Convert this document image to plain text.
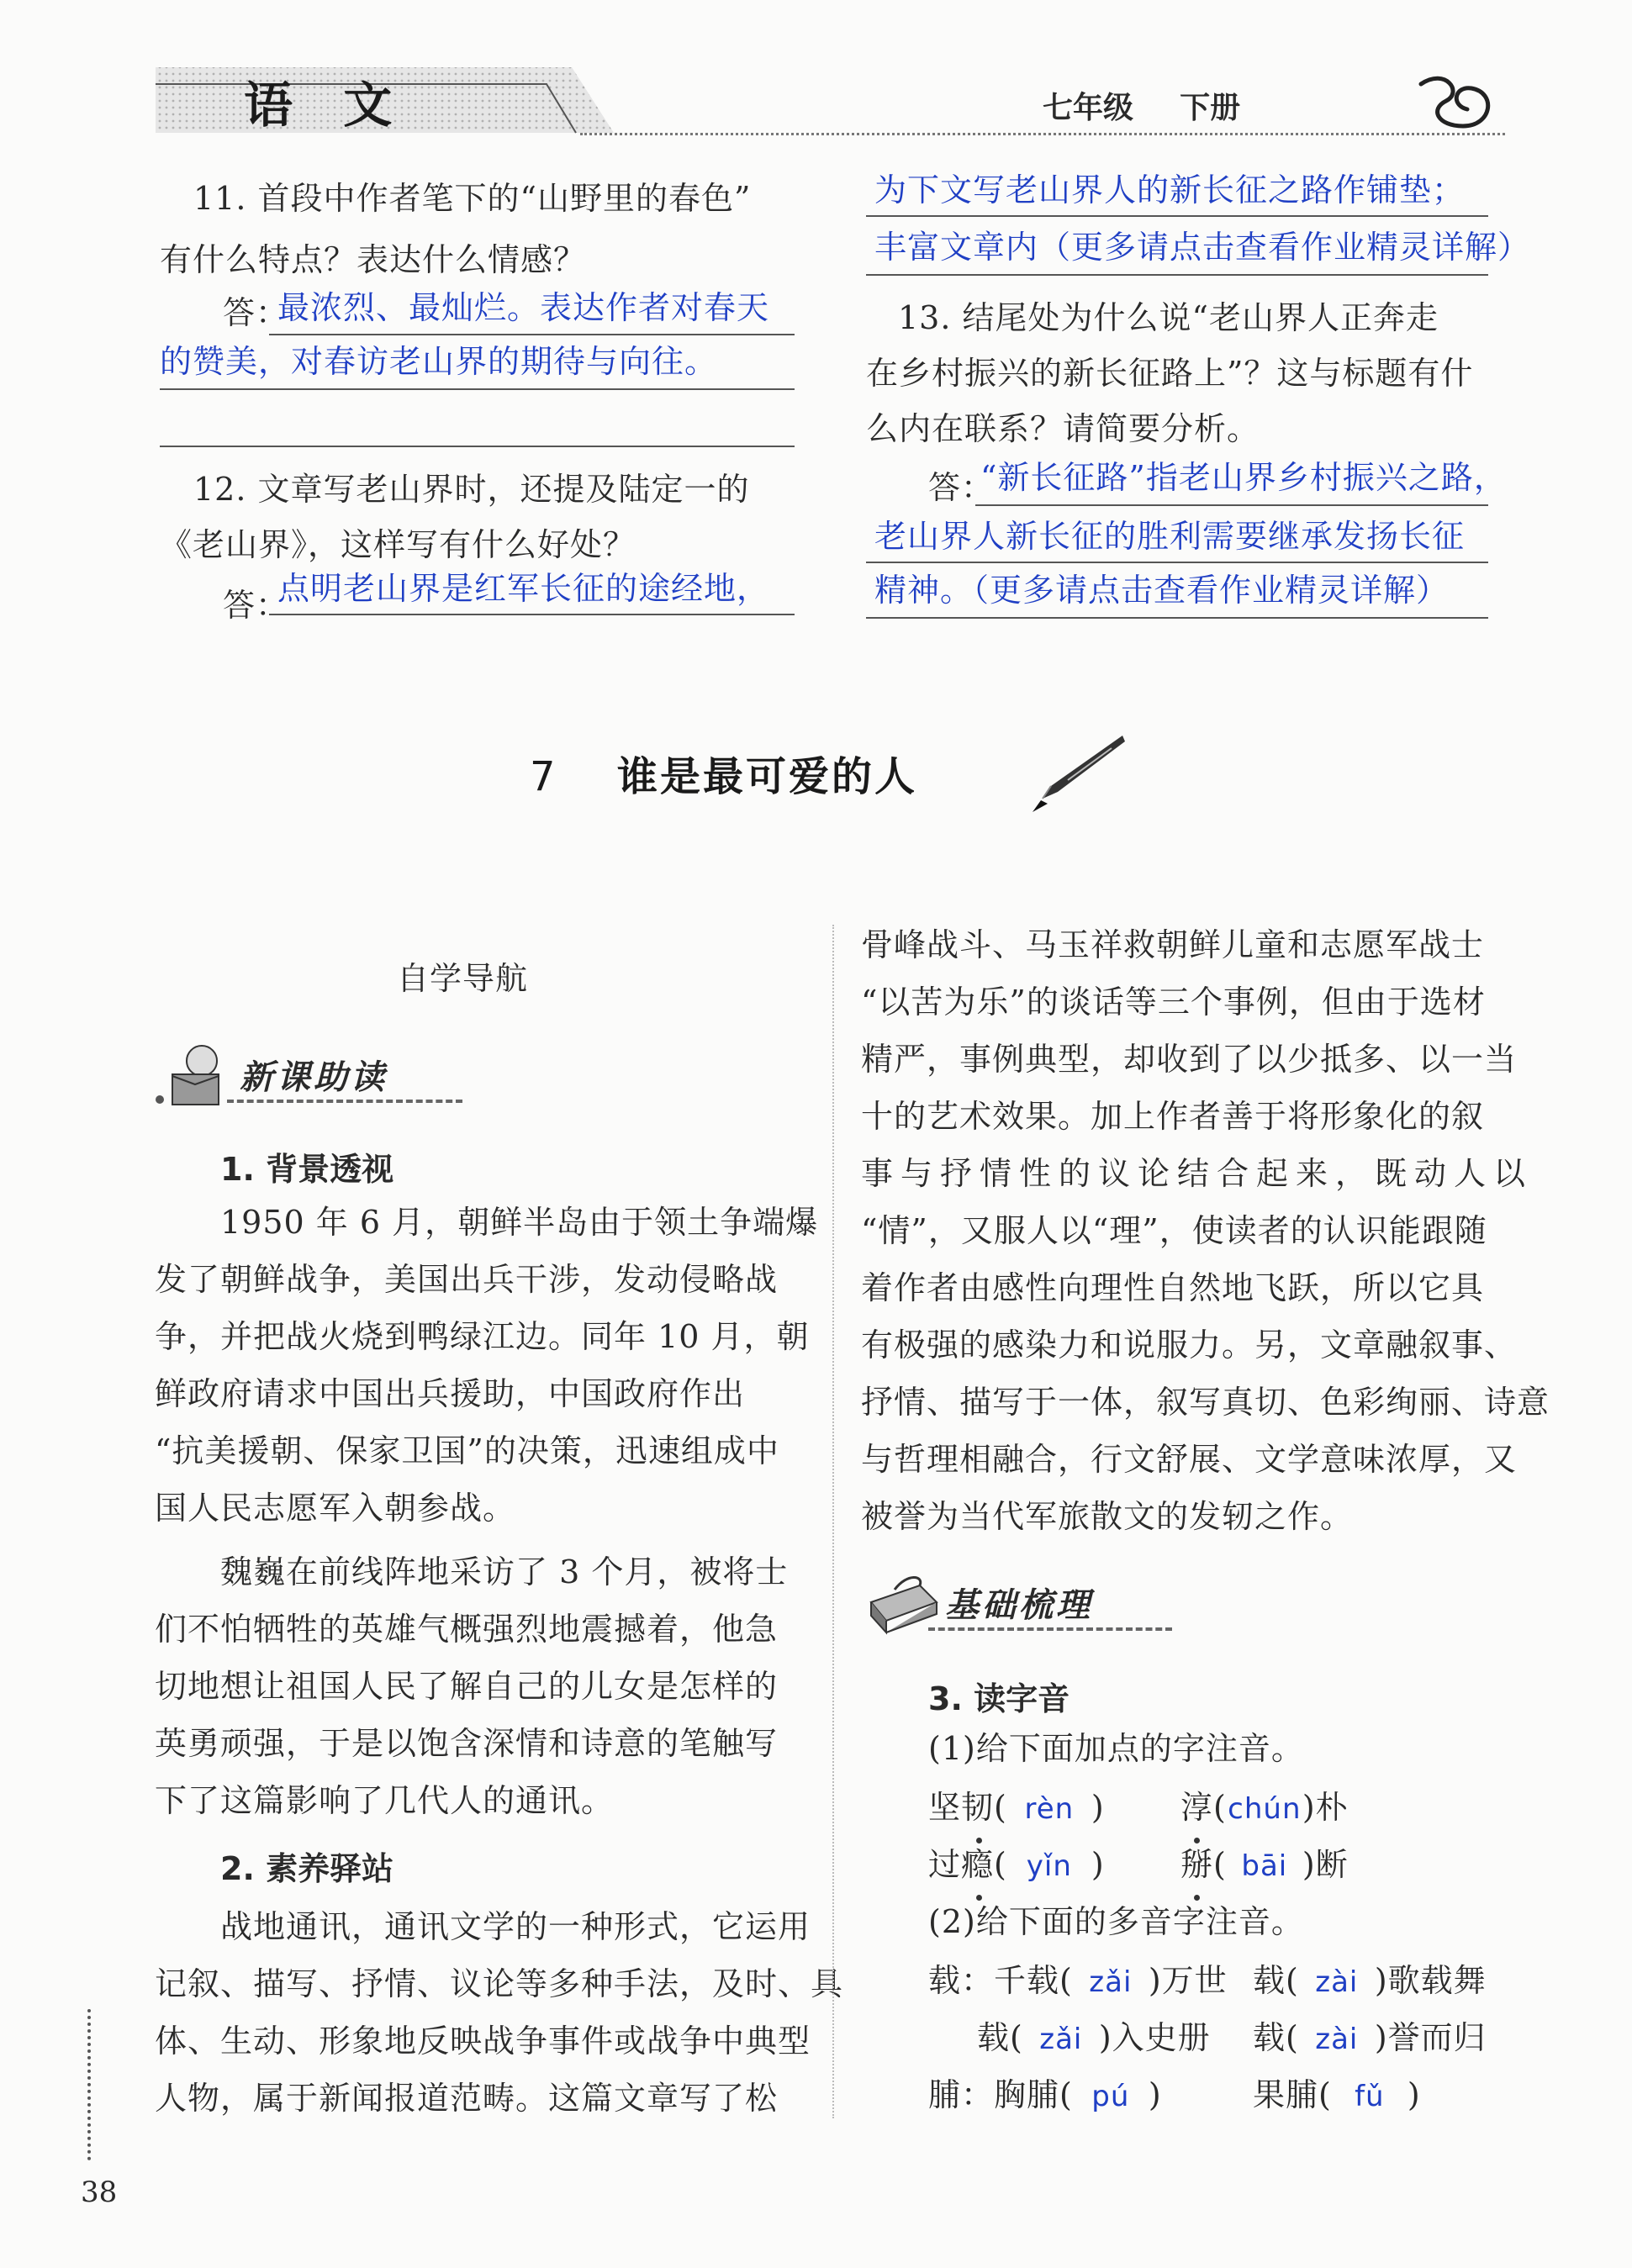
语 文	七年级 下册
11. 首段中作者笔下的“山野里的春色”
有什么特点？表达什么情感？
答：
最浓烈、最灿烂。表达作者对春天
的赞美，对春访老山界的期待与向往。
12. 文章写老山界时，还提及陆定一的
《老山界》，这样写有什么好处？
答：
点明老山界是红军长征的途经地，
为下文写老山界人的新长征之路作铺垫；
丰富文章内（更多请点击查看作业精灵详解）
13. 结尾处为什么说“老山界人正奔走
在乡村振兴的新长征路上”？这与标题有什
么内在联系？请简要分析。
答：
“新长征路”指老山界乡村振兴之路，
老山界人新长征的胜利需要继承发扬长征
精神。（更多请点击查看作业精灵详解）
7 谁是最可爱的人
自学导航
新课助读
1. 背景透视
1950 年 6 月，朝鲜半岛由于领土争端爆
发了朝鲜战争，美国出兵干涉，发动侵略战
争，并把战火烧到鸭绿江边。同年 10 月，朝
鲜政府请求中国出兵援助，中国政府作出
“抗美援朝、保家卫国”的决策，迅速组成中
国人民志愿军入朝参战。
魏巍在前线阵地采访了 3 个月，被将士
们不怕牺牲的英雄气概强烈地震撼着，他急
切地想让祖国人民了解自己的儿女是怎样的
英勇顽强，于是以饱含深情和诗意的笔触写
下了这篇影响了几代人的通讯。
2. 素养驿站
战地通讯，通讯文学的一种形式，它运用
记叙、描写、抒情、议论等多种手法，及时、具
体、生动、形象地反映战争事件或战争中典型
人物，属于新闻报道范畴。这篇文章写了松
骨峰战斗、马玉祥救朝鲜儿童和志愿军战士
“以苦为乐”的谈话等三个事例，但由于选材
精严，事例典型，却收到了以少抵多、以一当
十的艺术效果。加上作者善于将形象化的叙
事与抒情性的议论结合起来，既动人以
“情”，又服人以“理”，使读者的认识能跟随
着作者由感性向理性自然地飞跃，所以它具
有极强的感染力和说服力。另，文章融叙事、
抒情、描写于一体，叙写真切、色彩绚丽、诗意
与哲理相融合，行文舒展、文学意味浓厚，又
被誉为当代军旅散文的发轫之作。
基础梳理
3. 读字音
(1)给下面加点的字注音。
坚韧( rèn ) 淳(chún)朴
过瘾( yǐn ) 掰( bāi )断
(2)给下面的多音字注音。
载：千载( zǎi )万世 载( zài )歌载舞
载( zǎi )入史册 载( zài )誉而归
脯：胸脯( pú )	果脯( fǔ )
38
